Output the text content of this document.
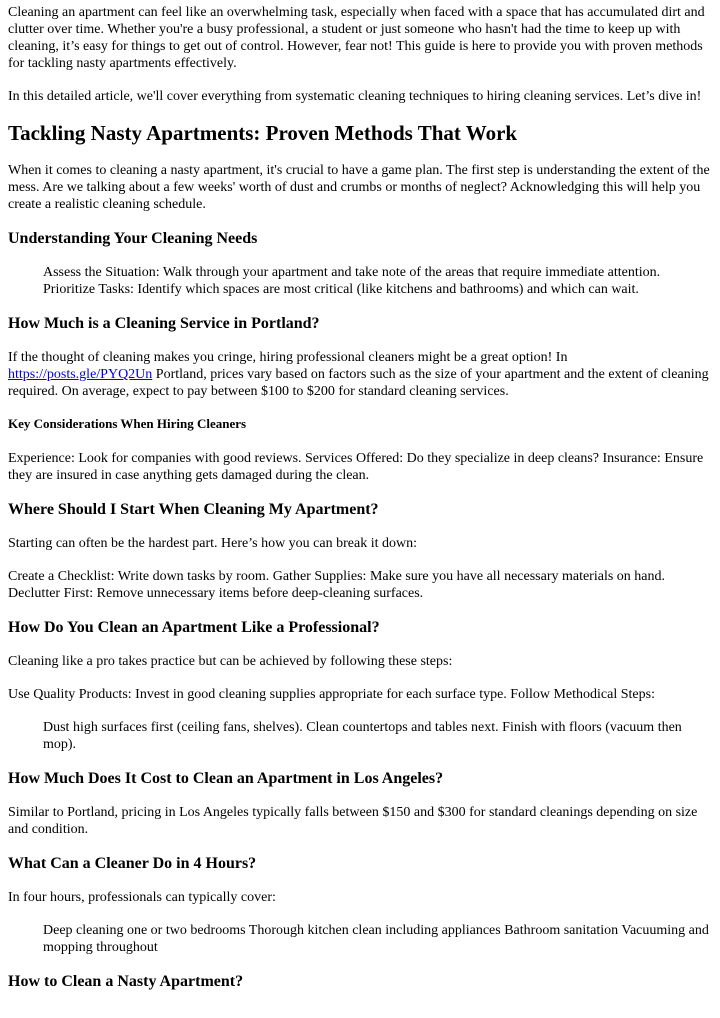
Cleaning an apartment can feel like an overwhelming task, especially when faced with a space that has accumulated dirt and clutter over time. Whether you're a busy professional, a student or just someone who hasn't had the time to keep up with cleaning, it’s easy for things to get out of control. However, fear not! This guide is here to provide you with proven methods for tackling nasty apartments effectively.

In this detailed article, we'll cover everything from systematic cleaning techniques to hiring cleaning services. Let’s dive in!

Tackling Nasty Apartments: Proven Methods That Work

When it comes to cleaning a nasty apartment, it's crucial to have a game plan. The first step is understanding the extent of the mess. Are we talking about a few weeks' worth of dust and crumbs or months of neglect? Acknowledging this will help you create a realistic cleaning schedule.

Understanding Your Cleaning Needs
Assess the Situation: Walk through your apartment and take note of the areas that require immediate attention. Prioritize Tasks: Identify which spaces are most critical (like kitchens and bathrooms) and which can wait.
How Much is a Cleaning Service in Portland?

If the thought of cleaning makes you cringe, hiring professional cleaners might be a great option! In https://posts.gle/PYQ2Un Portland, prices vary based on factors such as the size of your apartment and the extent of cleaning required. On average, expect to pay between $100 to $200 for standard cleaning services.

Key Considerations When Hiring Cleaners

Experience: Look for companies with good reviews. Services Offered: Do they specialize in deep cleans? Insurance: Ensure they are insured in case anything gets damaged during the clean.

Where Should I Start When Cleaning My Apartment?

Starting can often be the hardest part. Here’s how you can break it down:

Create a Checklist: Write down tasks by room. Gather Supplies: Make sure you have all necessary materials on hand. Declutter First: Remove unnecessary items before deep-cleaning surfaces.

How Do You Clean an Apartment Like a Professional?

Cleaning like a pro takes practice but can be achieved by following these steps:

Use Quality Products: Invest in good cleaning supplies appropriate for each surface type. Follow Methodical Steps:

Dust high surfaces first (ceiling fans, shelves). Clean countertops and tables next. Finish with floors (vacuum then mop).
How Much Does It Cost to Clean an Apartment in Los Angeles?

Similar to Portland, pricing in Los Angeles typically falls between $150 and $300 for standard cleanings depending on size and condition.

What Can a Cleaner Do in 4 Hours?

In four hours, professionals can typically cover:

Deep cleaning one or two bedrooms Thorough kitchen clean including appliances Bathroom sanitation Vacuuming and mopping throughout
How to Clean a Nasty Apartment?
